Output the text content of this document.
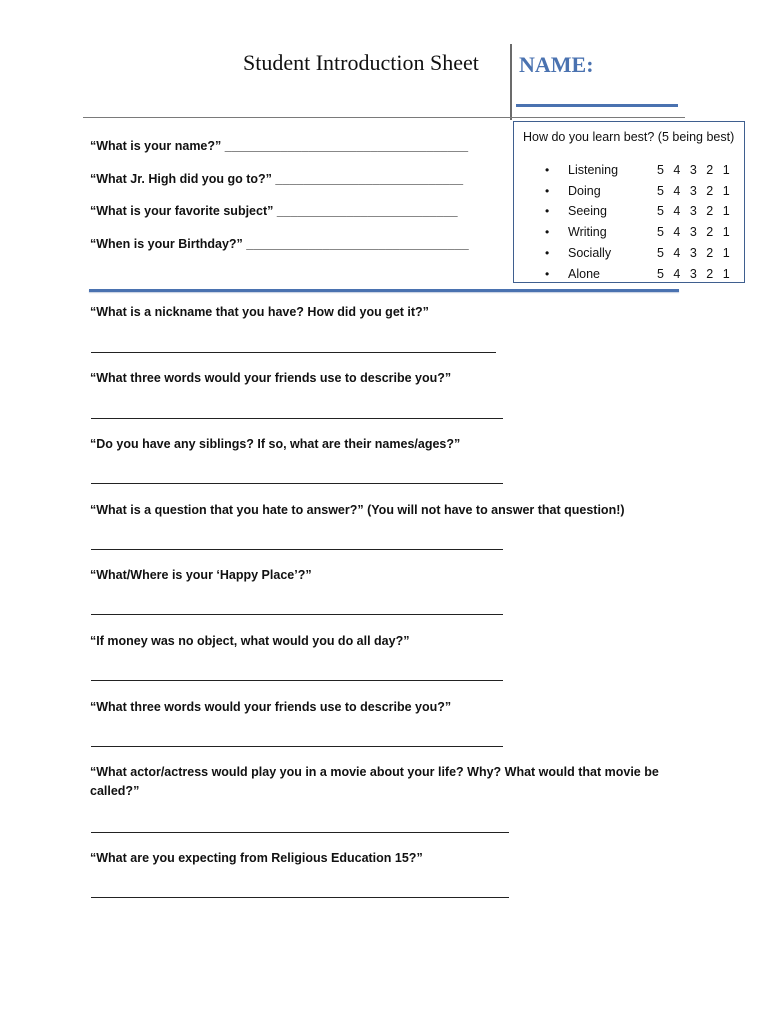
Student Introduction Sheet NAME:
“What is your name?” ___________________________________
“What Jr. High did you go to?” ___________________________
“What is your favorite subject” __________________________
“When is your Birthday?” ________________________________
How do you learn best? (5 being best)
• Listening	5 4 3 2 1
• Doing	5 4 3 2 1
• Seeing	5 4 3 2 1
• Writing	5 4 3 2 1
• Socially	5 4 3 2 1
• Alone	5 4 3 2 1
“What is a nickname that you have? How did you get it?”
“What three words would your friends use to describe you?”
“Do you have any siblings? If so, what are their names/ages?”
“What is a question that you hate to answer?” (You will not have to answer that question!)
“What/Where is your ‘Happy Place’?”
“If money was no object, what would you do all day?”
“What three words would your friends use to describe you?”
“What actor/actress would play you in a movie about your life? Why? What would that movie be
called?”
“What are you expecting from Religious Education 15?”
